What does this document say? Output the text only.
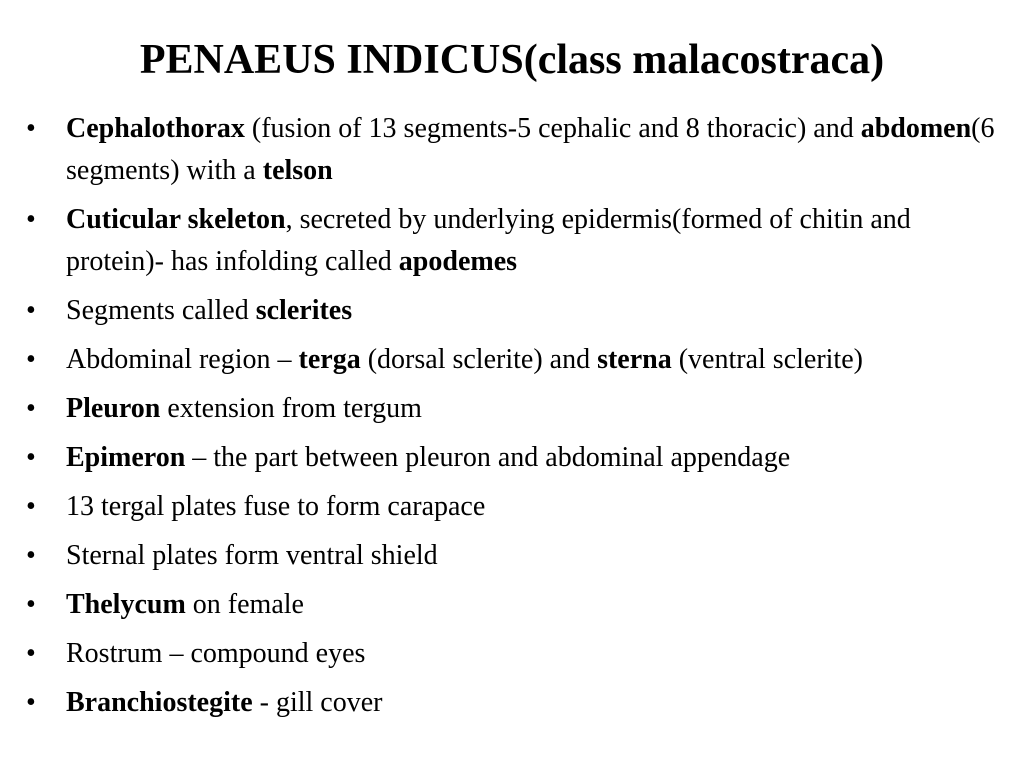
PENAEUS INDICUS(class malacostraca)
• Cephalothorax (fusion of 13 segments-5 cephalic and 8 thoracic) and abdomen(6 segments) with a telson
• Cuticular skeleton, secreted by underlying epidermis(formed of chitin and protein)- has infolding called apodemes
• Segments called sclerites
• Abdominal region – terga (dorsal sclerite) and sterna (ventral sclerite)
• Pleuron extension from tergum
• Epimeron – the part between pleuron and abdominal appendage
• 13 tergal plates fuse to form carapace
• Sternal plates form ventral shield
• Thelycum on female
• Rostrum – compound eyes
• Branchiostegite - gill cover
